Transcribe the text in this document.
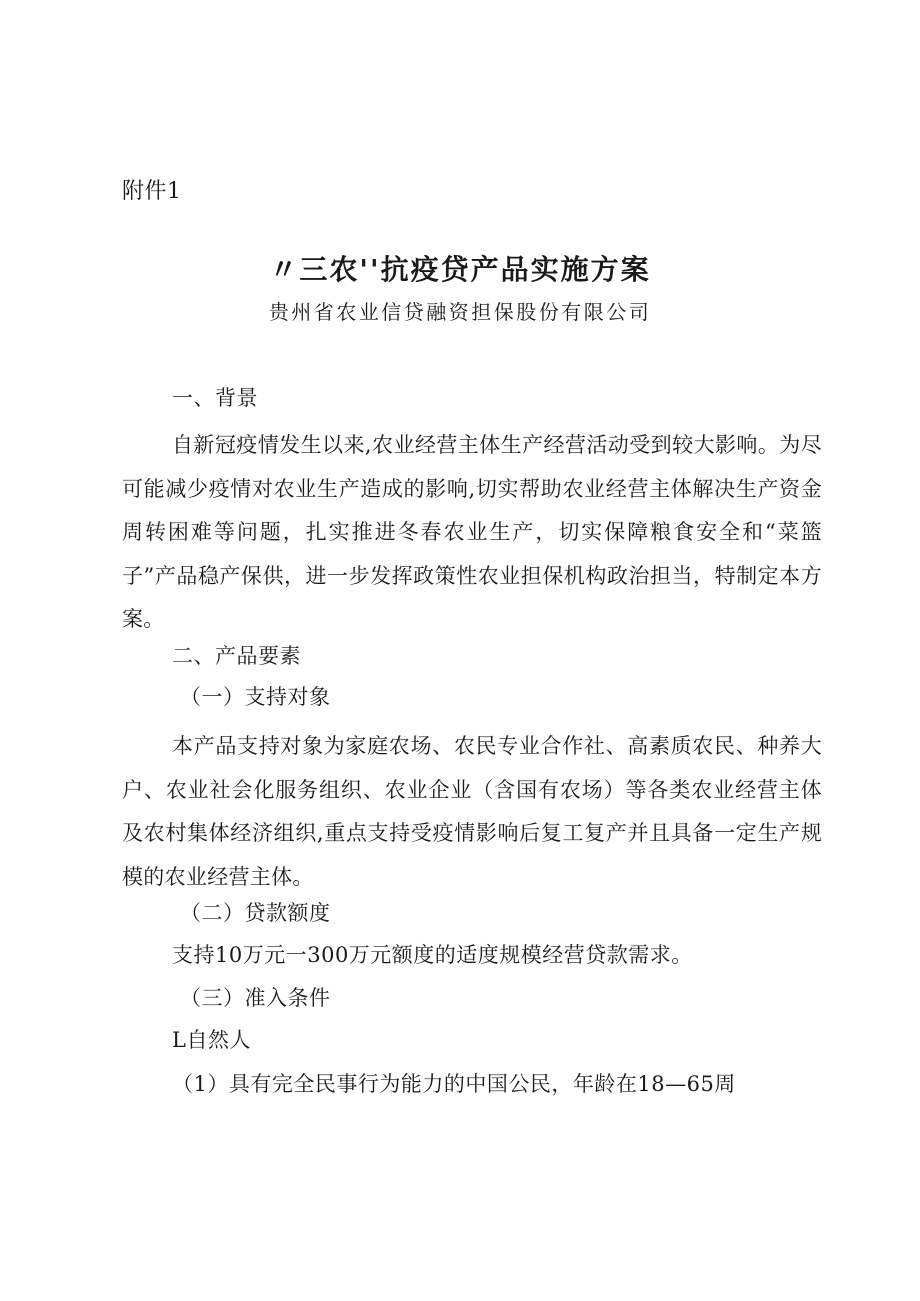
附件1
〃三农''抗疫贷产品实施方案
贵州省农业信贷融资担保股份有限公司
一、背景
自新冠疫情发生以来,农业经营主体生产经营活动受到较大影响。为尽可能减少疫情对农业生产造成的影响,切实帮助农业经营主体解决生产资金周转困难等问题，扎实推进冬春农业生产，切实保障粮食安全和“菜篮子”产品稳产保供，进一步发挥政策性农业担保机构政治担当，特制定本方案。
二、产品要素
（一）支持对象
本产品支持对象为家庭农场、农民专业合作社、高素质农民、种养大户、农业社会化服务组织、农业企业（含国有农场）等各类农业经营主体及农村集体经济组织,重点支持受疫情影响后复工复产并且具备一定生产规模的农业经营主体。
（二）贷款额度
支持10万元一300万元额度的适度规模经营贷款需求。
（三）准入条件
L自然人
（1）具有完全民事行为能力的中国公民，年龄在18—65周
